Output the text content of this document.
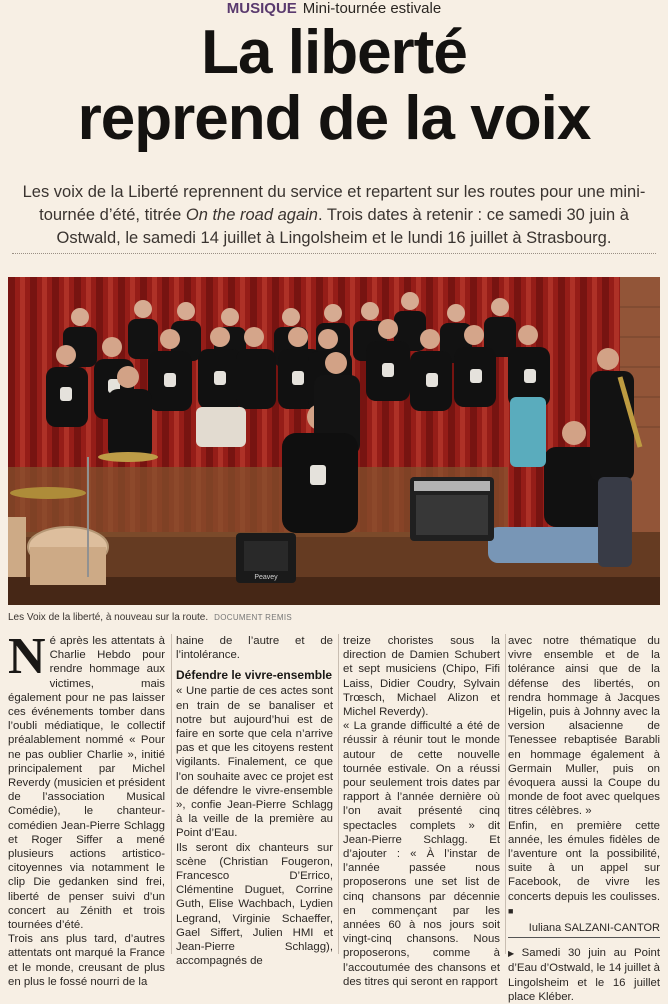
MUSIQUE Mini-tournée estivale
La liberté
reprend de la voix
Les voix de la Liberté reprennent du service et repartent sur les routes pour une mini-tournée d’été, titrée On the road again. Trois dates à retenir : ce samedi 30 juin à Ostwald, le samedi 14 juillet à Lingolsheim et le lundi 16 juillet à Strasbourg.
Peavey
Les Voix de la liberté, à nouveau sur la route. DOCUMENT REMIS

Né après les attentats à Charlie Hebdo pour rendre hommage aux victimes, mais également pour ne pas laisser ces événements tomber dans l’oubli médiatique, le collectif préalablement nommé « Pour ne pas oublier Charlie », initié principalement par Michel Reverdy (musicien et président de l’association Musical Comédie), le chanteur-comédien Jean-Pierre Schlagg et Roger Siffer a mené plusieurs actions artistico-citoyennes via notamment le clip Die gedanken sind frei, liberté de penser suivi d’un concert au Zénith et trois tournées d’été.

Trois ans plus tard, d’autres attentats ont marqué la France et le monde, creusant de plus en plus le fossé nourri de la

haine de l’autre et de l’intolérance.

Défendre le vivre-ensemble

« Une partie de ces actes sont en train de se banaliser et notre but aujourd’hui est de faire en sorte que cela n’arrive pas et que les citoyens restent vigilants. Finalement, ce que l’on souhaite avec ce projet est de défendre le vivre-ensemble », confie Jean-Pierre Schlagg à la veille de la première au Point d’Eau.

Ils seront dix chanteurs sur scène (Christian Fougeron, Francesco D’Errico, Clémentine Duguet, Corrine Guth, Elise Wachbach, Lydien Legrand, Virginie Schaeffer, Gael Siffert, Julien HMI et Jean-Pierre Schlagg), accompagnés de

treize choristes sous la direction de Damien Schubert et sept musiciens (Chipo, Fifi Laiss, Didier Coudry, Sylvain Trœsch, Michael Alizon et Michel Reverdy).

« La grande difficulté a été de réussir à réunir tout le monde autour de cette nouvelle tournée estivale. On a réussi pour seulement trois dates par rapport à l’année dernière où l’on avait présenté cinq spectacles complets » dit Jean-Pierre Schlagg. Et d’ajouter : « À l’instar de l’année passée nous proposerons une set list de cinq chansons par décennie en commençant par les années 60 à nos jours soit vingt-cinq chansons. Nous proposerons, comme à l’accoutumée des chansons et des titres qui seront en rapport

avec notre thématique du vivre ensemble et de la tolérance ainsi que de la défense des libertés, on rendra hommage à Jacques Higelin, puis à Johnny avec la version alsacienne de Tenessee rebaptisée Barabli en hommage également à Germain Muller, puis on évoquera aussi la Coupe du monde de foot avec quelques titres célèbres. »

Enfin, en première cette année, les émules fidèles de l’aventure ont la possibilité, suite à un appel sur Facebook, de vivre les concerts depuis les coulisses. ■

Iuliana SALZANI-CANTOR
▶ Samedi 30 juin au Point d’Eau d’Ostwald, le 14 juillet à Lingolsheim et le 16 juillet place Kléber.
